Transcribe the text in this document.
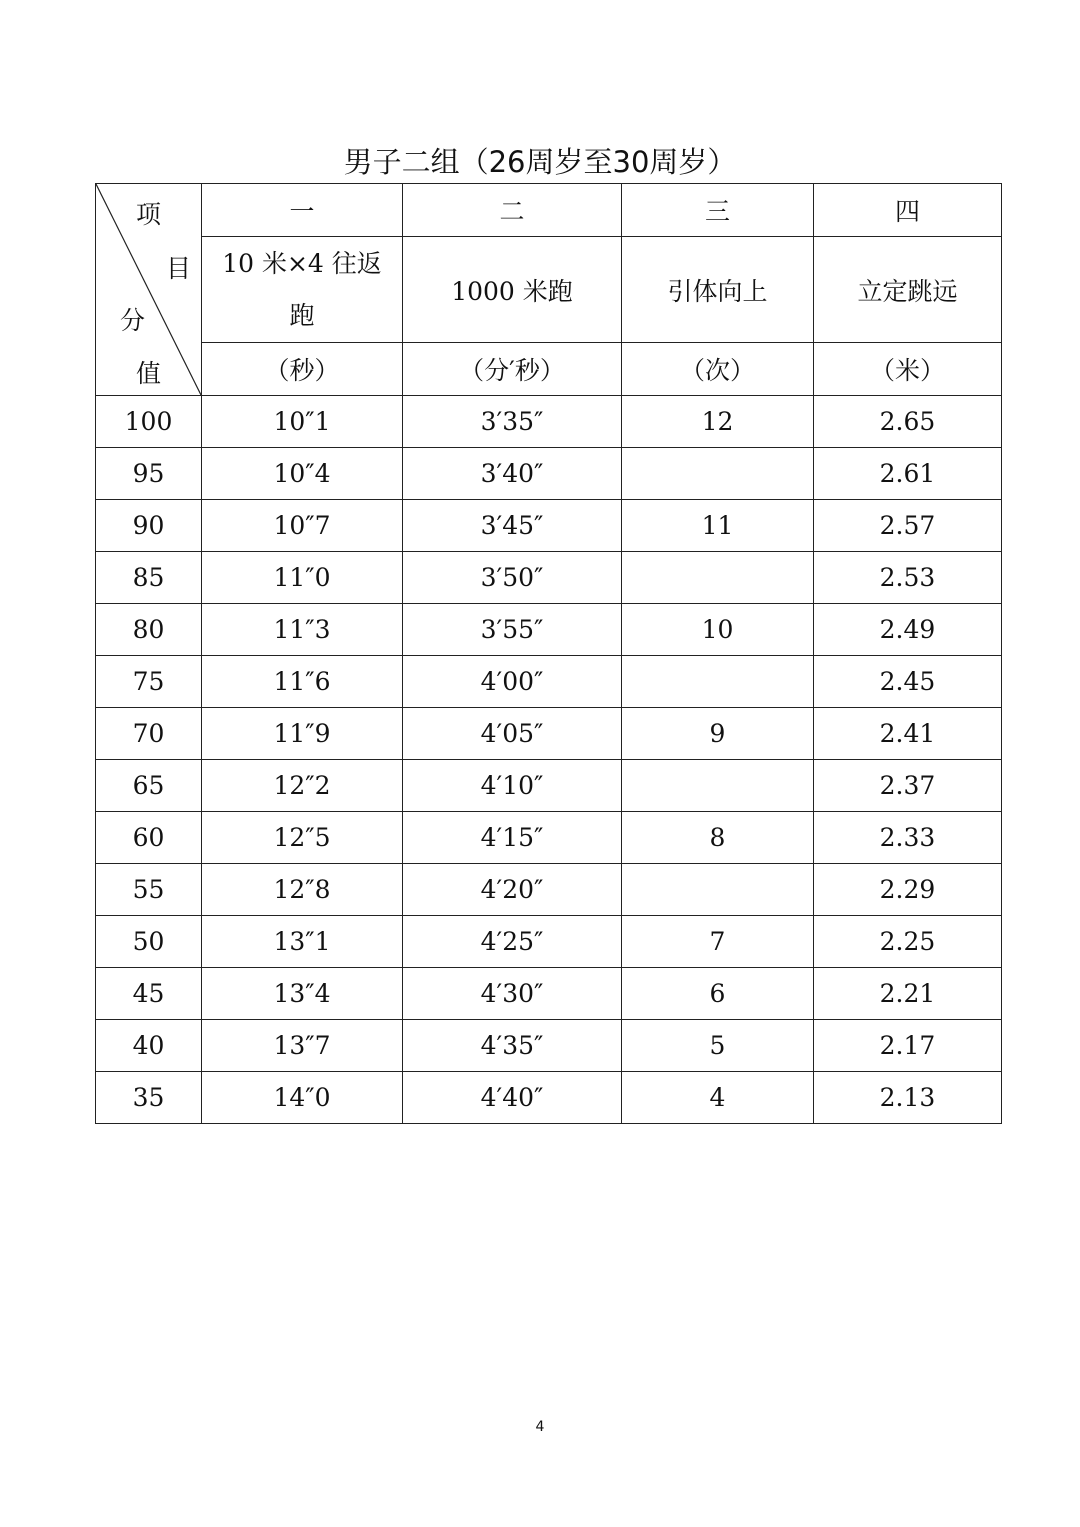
男子二组（26周岁至30周岁）
项
目
分
值	一	二	三	四
	10 米×4 往返跑	1000 米跑	引体向上	立定跳远
	（秒）	（分′秒）	（次）	（米）
100	10″1	3′35″	12	2.65
95	10″4	3′40″		2.61
90	10″7	3′45″	11	2.57
85	11″0	3′50″		2.53
80	11″3	3′55″	10	2.49
75	11″6	4′00″		2.45
70	11″9	4′05″	9	2.41
65	12″2	4′10″		2.37
60	12″5	4′15″	8	2.33
55	12″8	4′20″		2.29
50	13″1	4′25″	7	2.25
45	13″4	4′30″	6	2.21
40	13″7	4′35″	5	2.17
35	14″0	4′40″	4	2.13
4
